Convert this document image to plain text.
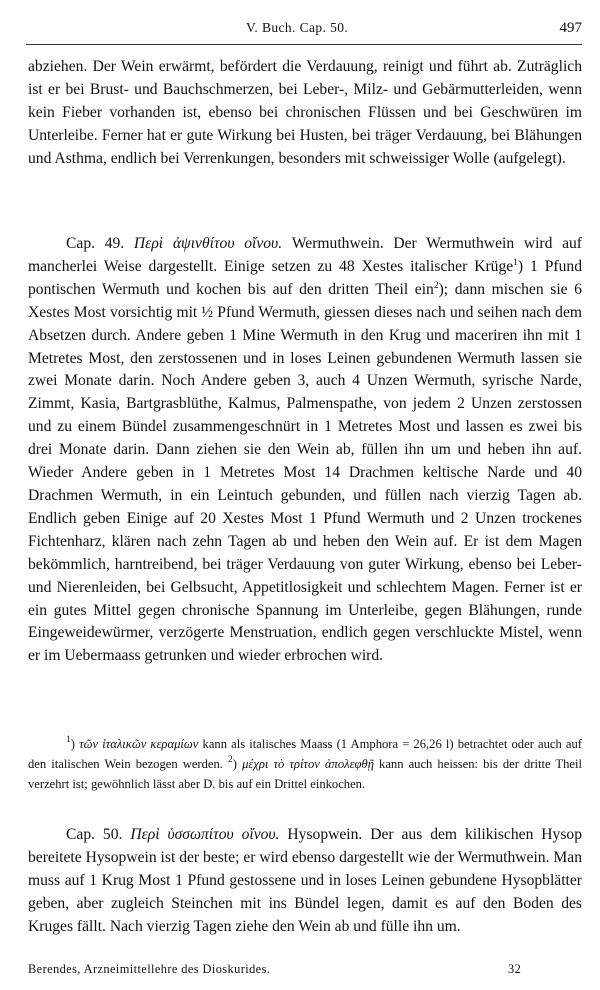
V. Buch. Cap. 50.	497

abziehen. Der Wein erwärmt, befördert die Verdauung, reinigt und führt ab. Zuträglich ist er bei Brust- und Bauchschmerzen, bei Leber-, Milz- und Gebärmutterleiden, wenn kein Fieber vorhanden ist, ebenso bei chronischen Flüssen und bei Geschwüren im Unterleibe. Ferner hat er gute Wirkung bei Husten, bei träger Verdauung, bei Blähungen und Asthma, endlich bei Verrenkungen, besonders mit schweissiger Wolle (aufgelegt).

Cap. 49. Περὶ ἀψινθίτου οἴνου. Wermuthwein. Der Wermuthwein wird auf mancherlei Weise dargestellt. Einige setzen zu 48 Xestes italischer Krüge$^1$) 1 Pfund pontischen Wermuth und kochen bis auf den dritten Theil ein$^2$); dann mischen sie 6 Xestes Most vorsichtig mit ½ Pfund Wermuth, giessen dieses nach und seihen nach dem Absetzen durch. Andere geben 1 Mine Wermuth in den Krug und maceriren ihn mit 1 Metretes Most, den zerstossenen und in loses Leinen gebundenen Wermuth lassen sie zwei Monate darin. Noch Andere geben 3, auch 4 Unzen Wermuth, syrische Narde, Zimmt, Kasia, Bartgrasblüthe, Kalmus, Palmenspathe, von jedem 2 Unzen zerstossen und zu einem Bündel zusammengeschnürt in 1 Metretes Most und lassen es zwei bis drei Monate darin. Dann ziehen sie den Wein ab, füllen ihn um und heben ihn auf. Wieder Andere geben in 1 Metretes Most 14 Drachmen keltische Narde und 40 Drachmen Wermuth, in ein Leintuch gebunden, und füllen nach vierzig Tagen ab. Endlich geben Einige auf 20 Xestes Most 1 Pfund Wermuth und 2 Unzen trockenes Fichtenharz, klären nach zehn Tagen ab und heben den Wein auf. Er ist dem Magen bekömmlich, harntreibend, bei träger Verdauung von guter Wirkung, ebenso bei Leber- und Nierenleiden, bei Gelbsucht, Appetitlosigkeit und schlechtem Magen. Ferner ist er ein gutes Mittel gegen chronische Spannung im Unterleibe, gegen Blähungen, runde Eingeweidewürmer, verzögerte Menstruation, endlich gegen verschluckte Mistel, wenn er im Uebermaass getrunken und wieder erbrochen wird.

$^1$) τῶν ἰταλικῶν κεραμίων kann als italisches Maass (1 Amphora = 26,26 l) betrachtet oder auch auf den italischen Wein bezogen werden. $^2$) μέχρι τὸ τρίτον ἀπολεφθῇ kann auch heissen: bis der dritte Theil verzehrt ist; gewöhnlich lässt aber D. bis auf ein Drittel einkochen.

Cap. 50. Περὶ ὑσσωπίτου οἴνου. Hysopwein. Der aus dem kilikischen Hysop bereitete Hysopwein ist der beste; er wird ebenso dargestellt wie der Wermuthwein. Man muss auf 1 Krug Most 1 Pfund gestossene und in loses Leinen gebundene Hysopblätter geben, aber zugleich Steinchen mit ins Bündel legen, damit es auf den Boden des Kruges fällt. Nach vierzig Tagen ziehe den Wein ab und fülle ihn um.

Berendes, Arzneimittellehre des Dioskurides.	32
